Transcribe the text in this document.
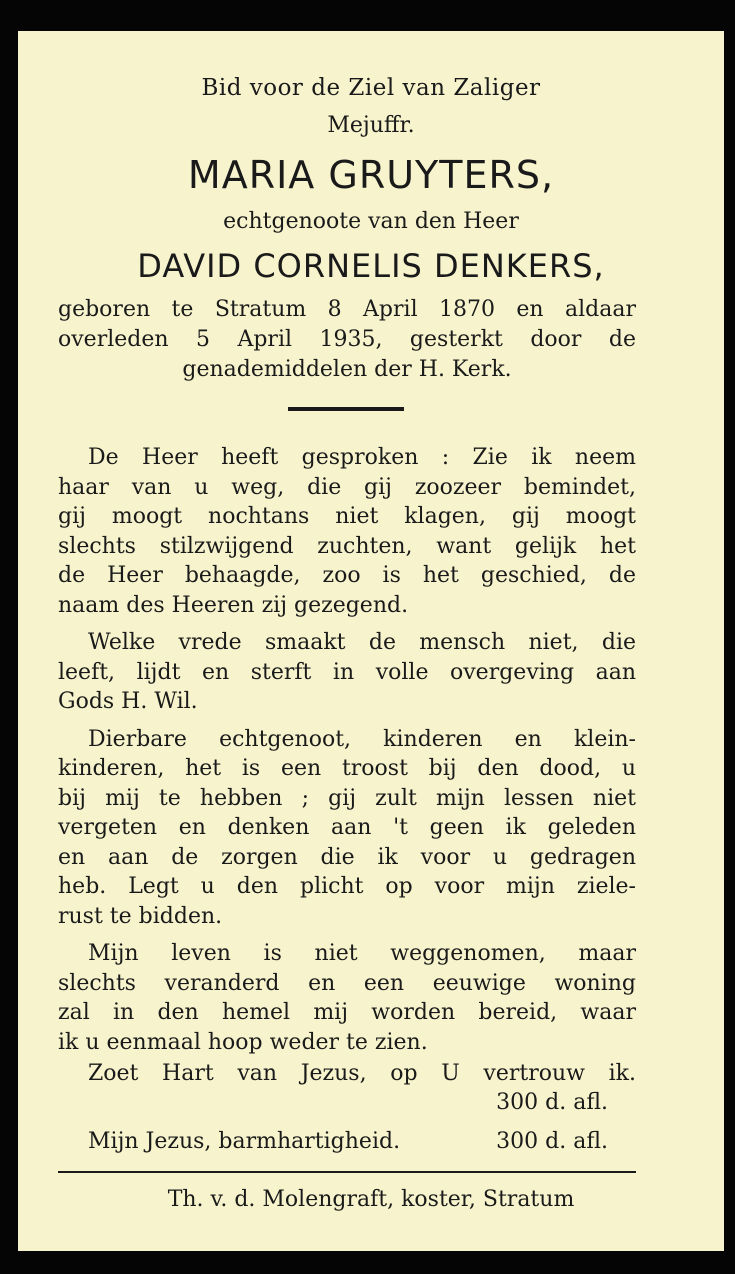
Bid voor de Ziel van Zaliger
Mejuffr.
MARIA GRUYTERS,
echtgenoote van den Heer
DAVID CORNELIS DENKERS,
geboren te Stratum 8 April 1870 en aldaar
overleden 5 April 1935, gesterkt door de
genademiddelen der H. Kerk.
De Heer heeft gesproken : Zie ik neem
haar van u weg, die gij zoozeer bemindet,
gij moogt nochtans niet klagen, gij moogt
slechts stilzwijgend zuchten, want gelijk het
de Heer behaagde, zoo is het geschied, de
naam des Heeren zij gezegend.
Welke vrede smaakt de mensch niet, die
leeft, lijdt en sterft in volle overgeving aan
Gods H. Wil.
Dierbare echtgenoot, kinderen en klein-
kinderen, het is een troost bij den dood, u
bij mij te hebben ; gij zult mijn lessen niet
vergeten en denken aan 't geen ik geleden
en aan de zorgen die ik voor u gedragen
heb. Legt u den plicht op voor mijn ziele-
rust te bidden.
Mijn leven is niet weggenomen, maar
slechts veranderd en een eeuwige woning
zal in den hemel mij worden bereid, waar
ik u eenmaal hoop weder te zien.
Zoet Hart van Jezus, op U vertrouw ik.
300 d. afl.
Mijn Jezus, barmhartigheid.	300 d. afl.
Th. v. d. Molengraft, koster, Stratum
